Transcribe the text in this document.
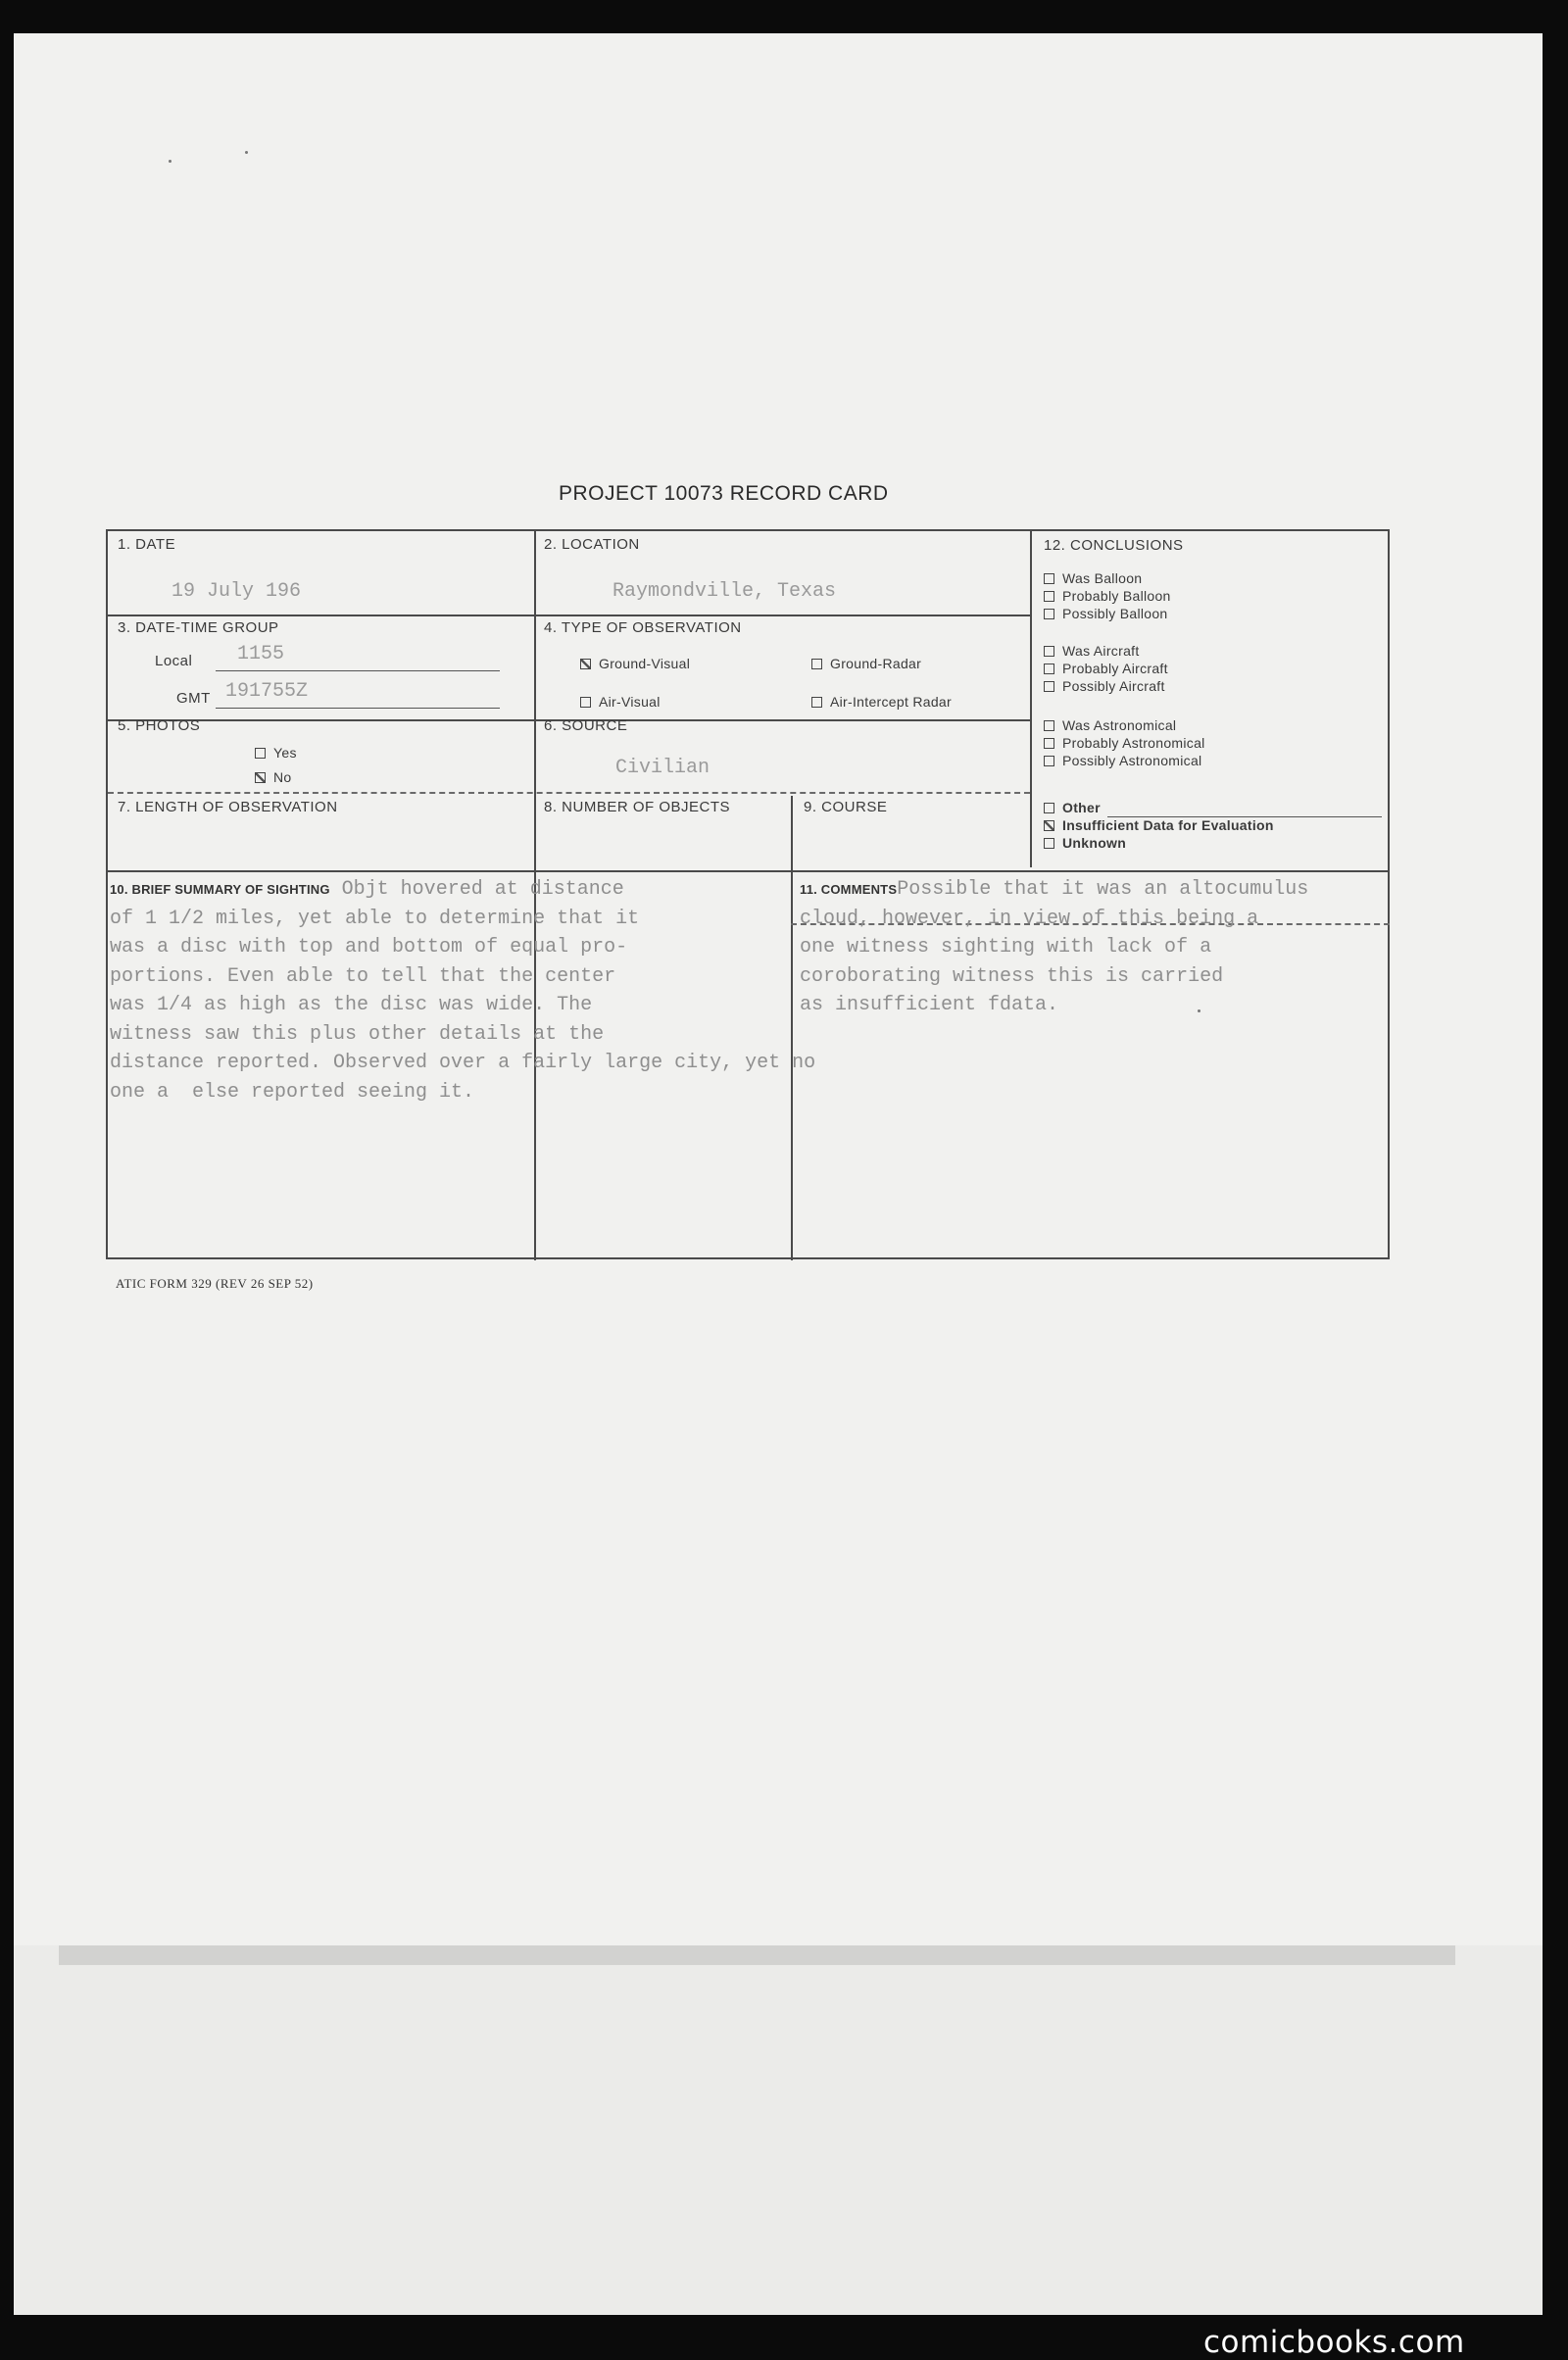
PROJECT 10073 RECORD CARD
1. DATE
19 July 196
2. LOCATION
Raymondville, Texas
3. DATE-TIME GROUP
Local 1155
GMT 191755Z
4. TYPE OF OBSERVATION
Ground-Visual	Ground-Radar
Air-Visual	Air-Intercept Radar
5. PHOTOS
Yes
No
6. SOURCE
Civilian
7. LENGTH OF OBSERVATION	8. NUMBER OF OBJECTS	9. COURSE
12. CONCLUSIONS
Was Balloon
Probably Balloon
Possibly Balloon
Was Aircraft
Probably Aircraft
Possibly Aircraft
Was Astronomical
Probably Astronomical
Possibly Astronomical
Other
Insufficient Data for Evaluation
Unknown
10. BRIEF SUMMARY OF SIGHTING Objt hovered at distance
of 1 1/2 miles, yet able to determine that it
was a disc with top and bottom of equal pro-
portions. Even able to tell that the center
was 1/4 as high as the disc was wide. The
witness saw this plus other details at the
distance reported. Observed over a fairly large city, yet no
one a  else reported seeing it.
11. COMMENTSPossible that it was an altocumulus
cloud, however, in view of this being a
one witness sighting with lack of a
coroborating witness this is carried
as insufficient fdata.
ATIC FORM 329 (REV 26 SEP 52)
comicbooks.com
